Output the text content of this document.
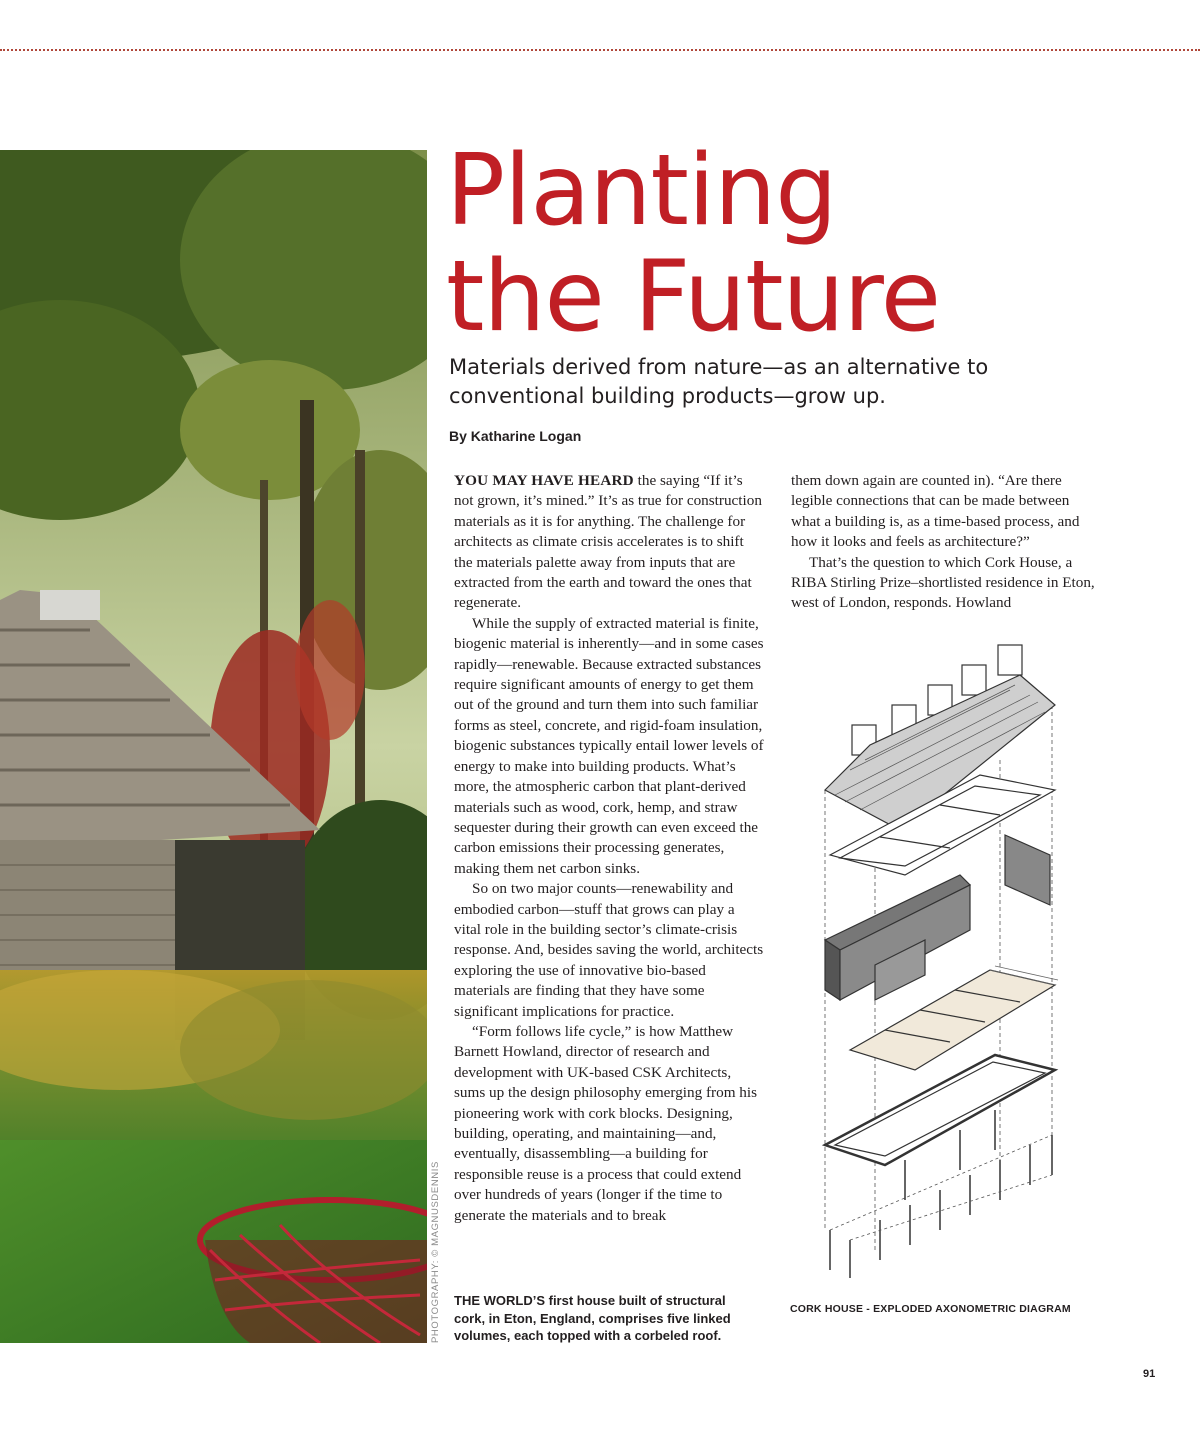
PHOTOGRAPHY: © MAGNUSDENNIS
Planting
the Future
Materials derived from nature—as an alternative to
conventional building products—grow up.
By Katharine Logan

YOU MAY HAVE HEARD the saying “If it’s not grown, it’s mined.” It’s as true for construction materials as it is for anything. The challenge for architects as climate crisis accelerates is to shift the materials palette away from inputs that are extracted from the earth and toward the ones that regenerate.

While the supply of extracted material is finite, biogenic material is inherently—and in some cases rapidly—renewable. Because extracted substances require significant amounts of energy to get them out of the ground and turn them into such familiar forms as steel, concrete, and rigid-foam insulation, biogenic substances typically entail lower levels of energy to make into building products. What’s more, the atmospheric carbon that plant-derived materials such as wood, cork, hemp, and straw sequester during their growth can even exceed the carbon emissions their processing generates, making them net carbon sinks.

So on two major counts—renewability and embodied carbon—stuff that grows can play a vital role in the building sector’s climate-crisis response. And, besides saving the world, architects exploring the use of innovative bio-based materials are finding that they have some significant implications for practice.

“Form follows life cycle,” is how Matthew Barnett Howland, director of research and development with UK-based CSK Architects, sums up the design philosophy emerging from his pioneering work with cork blocks. Designing, building, operating, and maintaining—and, eventually, disassembling—a building for responsible reuse is a process that could extend over hundreds of years (longer if the time to generate the materials and to break

them down again are counted in). “Are there legible connections that can be made between what a building is, as a time-based process, and how it looks and feels as architecture?”

That’s the question to which Cork House, a RIBA Stirling Prize–shortlisted residence in Eton, west of London, responds. Howland

THE WORLD’S first house built of structural cork, in Eton, England, comprises five linked volumes, each topped with a corbeled roof.
CORK HOUSE - EXPLODED AXONOMETRIC DIAGRAM
91
